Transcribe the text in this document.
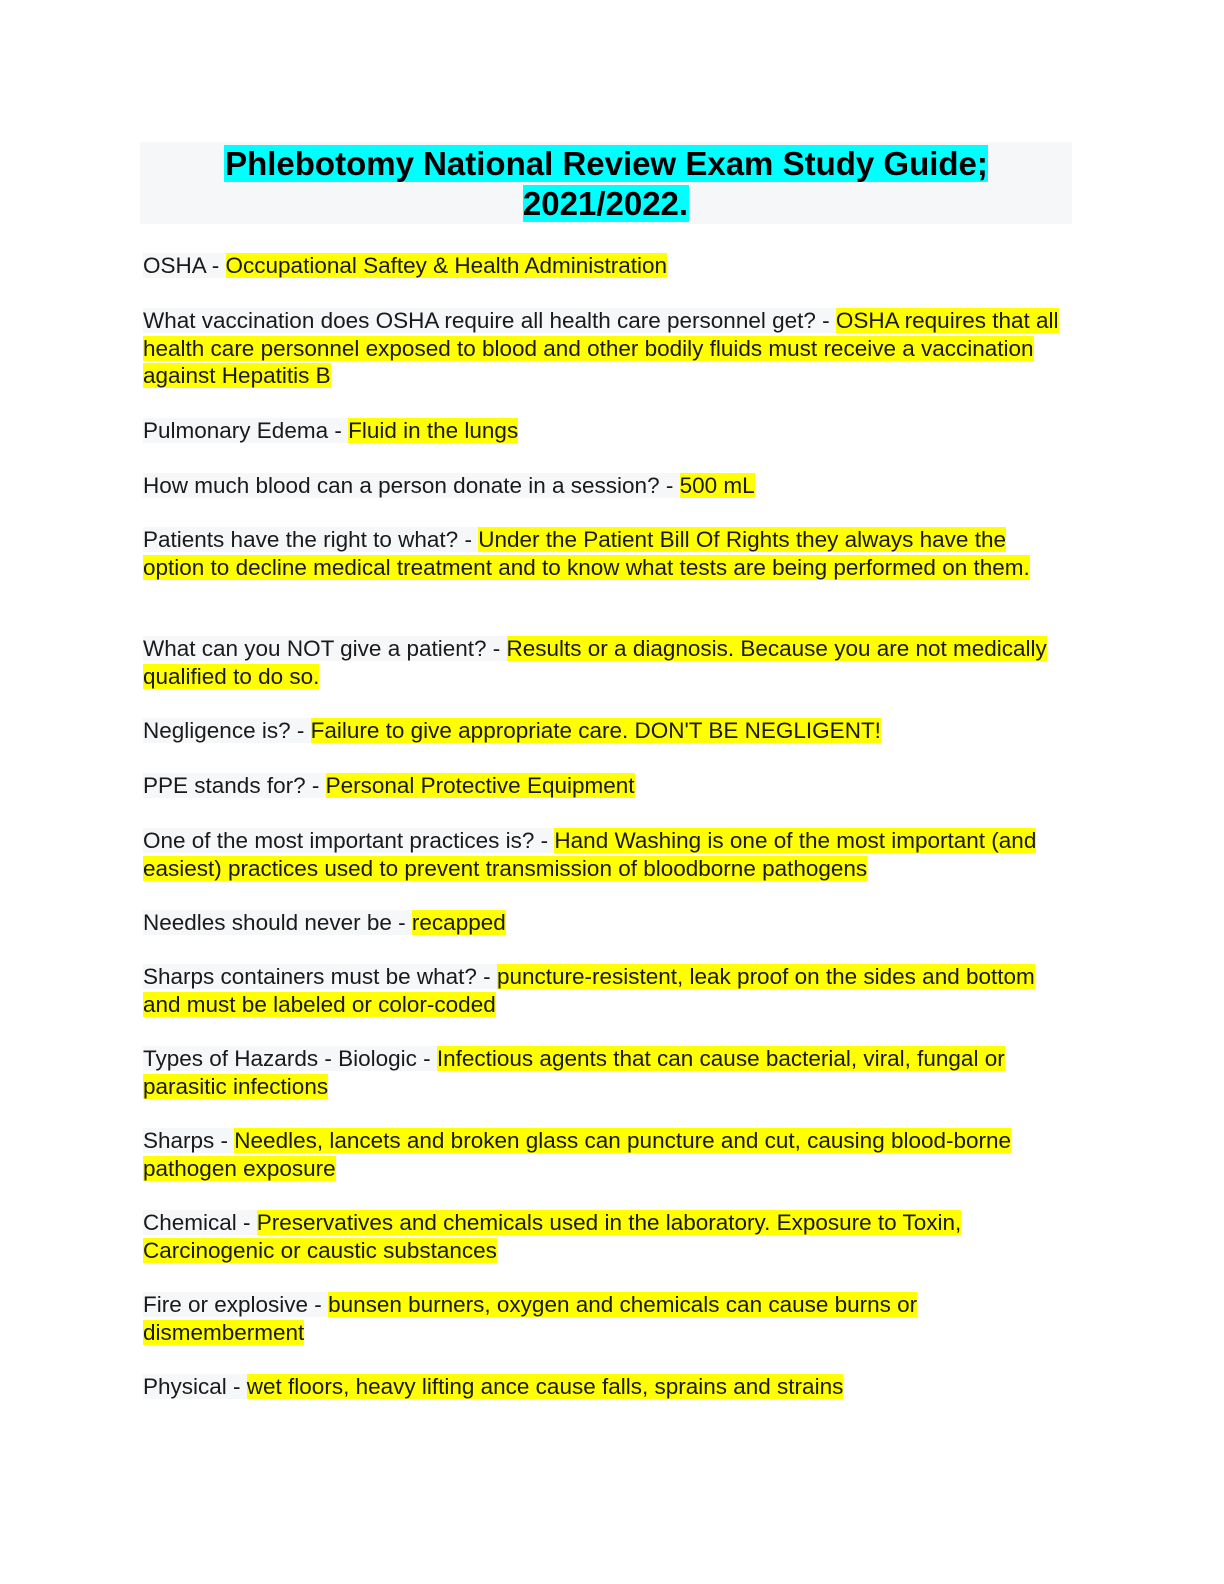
Phlebotomy National Review Exam Study Guide; 2021/2022.

OSHA - Occupational Saftey & Health Administration

What vaccination does OSHA require all health care personnel get? - OSHA requires that all health care personnel exposed to blood and other bodily fluids must receive a vaccination against Hepatitis B

Pulmonary Edema - Fluid in the lungs

How much blood can a person donate in a session? - 500 mL

Patients have the right to what? - Under the Patient Bill Of Rights they always have the option to decline medical treatment and to know what tests are being performed on them.

What can you NOT give a patient? - Results or a diagnosis. Because you are not medically qualified to do so.

Negligence is? - Failure to give appropriate care. DON'T BE NEGLIGENT!

PPE stands for? - Personal Protective Equipment

One of the most important practices is? - Hand Washing is one of the most important (and easiest) practices used to prevent transmission of bloodborne pathogens

Needles should never be - recapped

Sharps containers must be what? - puncture-resistent, leak proof on the sides and bottom and must be labeled or color-coded

Types of Hazards - Biologic - Infectious agents that can cause bacterial, viral, fungal or parasitic infections

Sharps - Needles, lancets and broken glass can puncture and cut, causing blood-borne pathogen exposure

Chemical - Preservatives and chemicals used in the laboratory. Exposure to Toxin, Carcinogenic or caustic substances

Fire or explosive - bunsen burners, oxygen and chemicals can cause burns or dismemberment

Physical - wet floors, heavy lifting ance cause falls, sprains and strains
